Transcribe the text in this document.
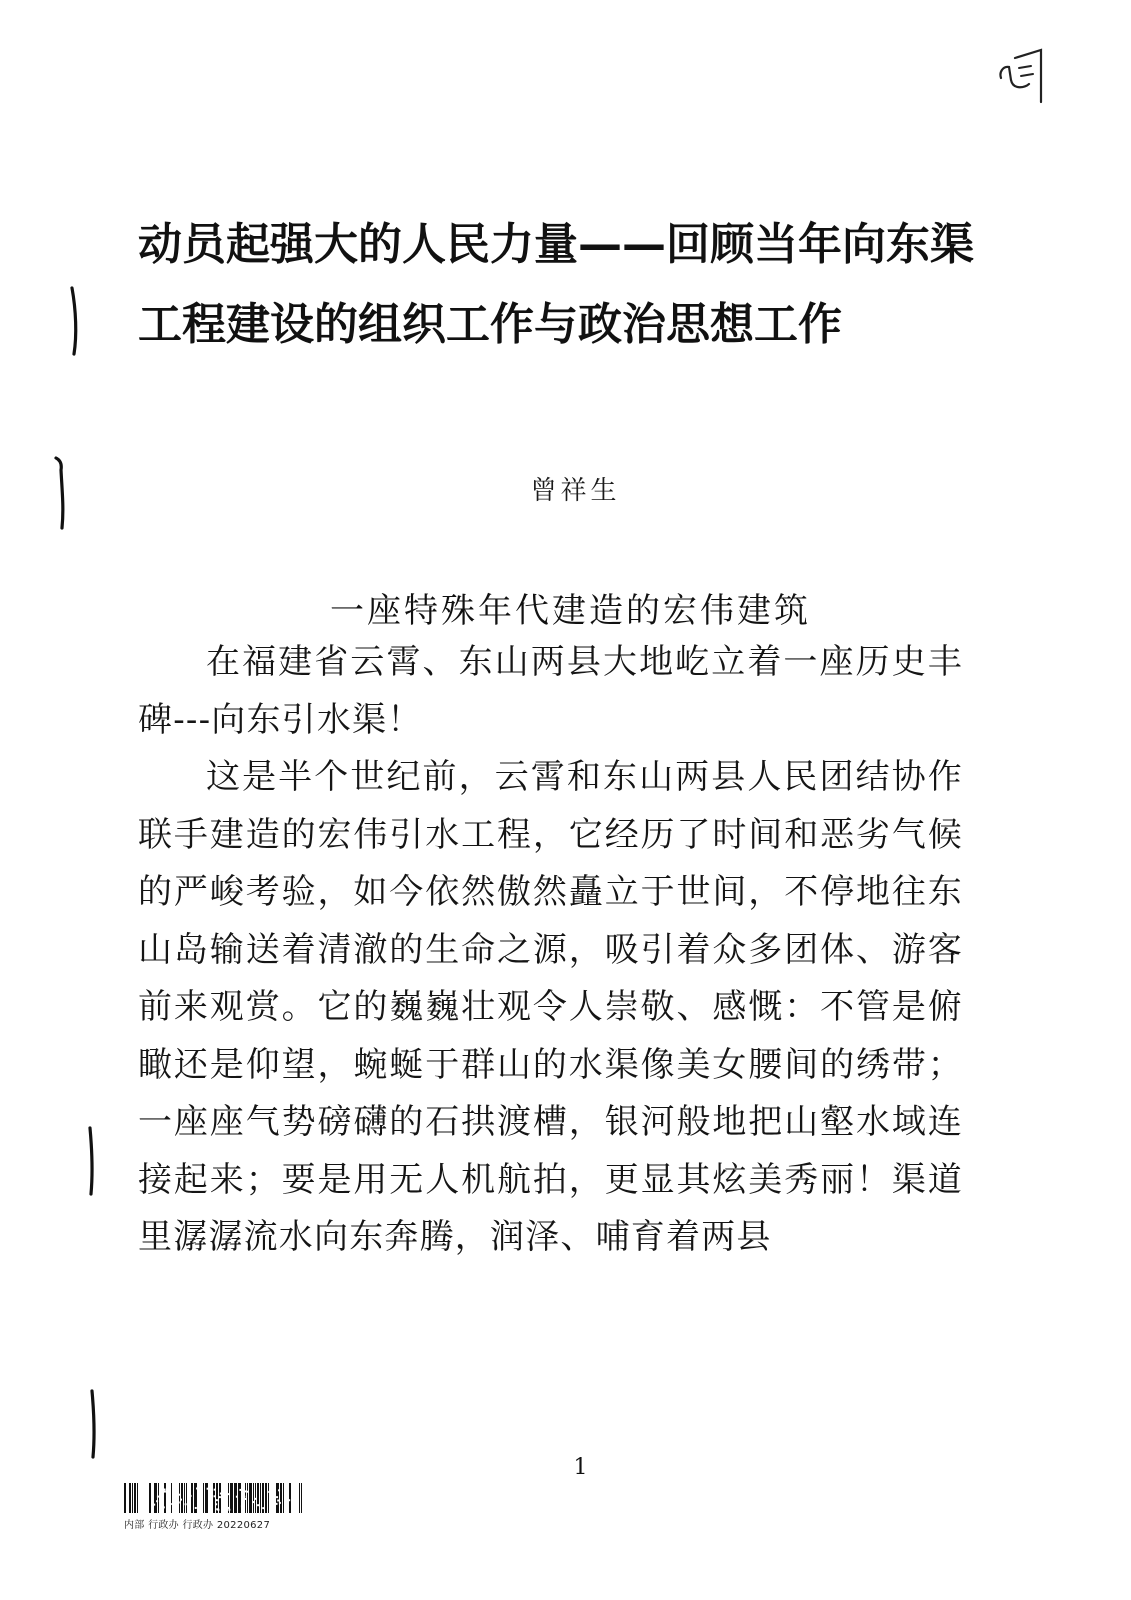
动员起强大的人民力量——回顾当年向东渠工程建设的组织工作与政治思想工作
曾祥生
一座特殊年代建造的宏伟建筑

在福建省云霄、东山两县大地屹立着一座历史丰碑---向东引水渠！

这是半个世纪前，云霄和东山两县人民团结协作联手建造的宏伟引水工程，它经历了时间和恶劣气候的严峻考验，如今依然傲然矗立于世间，不停地往东山岛输送着清澈的生命之源，吸引着众多团体、游客前来观赏。它的巍巍壮观令人崇敬、感慨：不管是俯瞰还是仰望，蜿蜒于群山的水渠像美女腰间的绣带；一座座气势磅礴的石拱渡槽，银河般地把山壑水域连接起来；要是用无人机航拍，更显其炫美秀丽！渠道里潺潺流水向东奔腾，润泽、哺育着两县

1
内部 行政办 行政办 20220627
